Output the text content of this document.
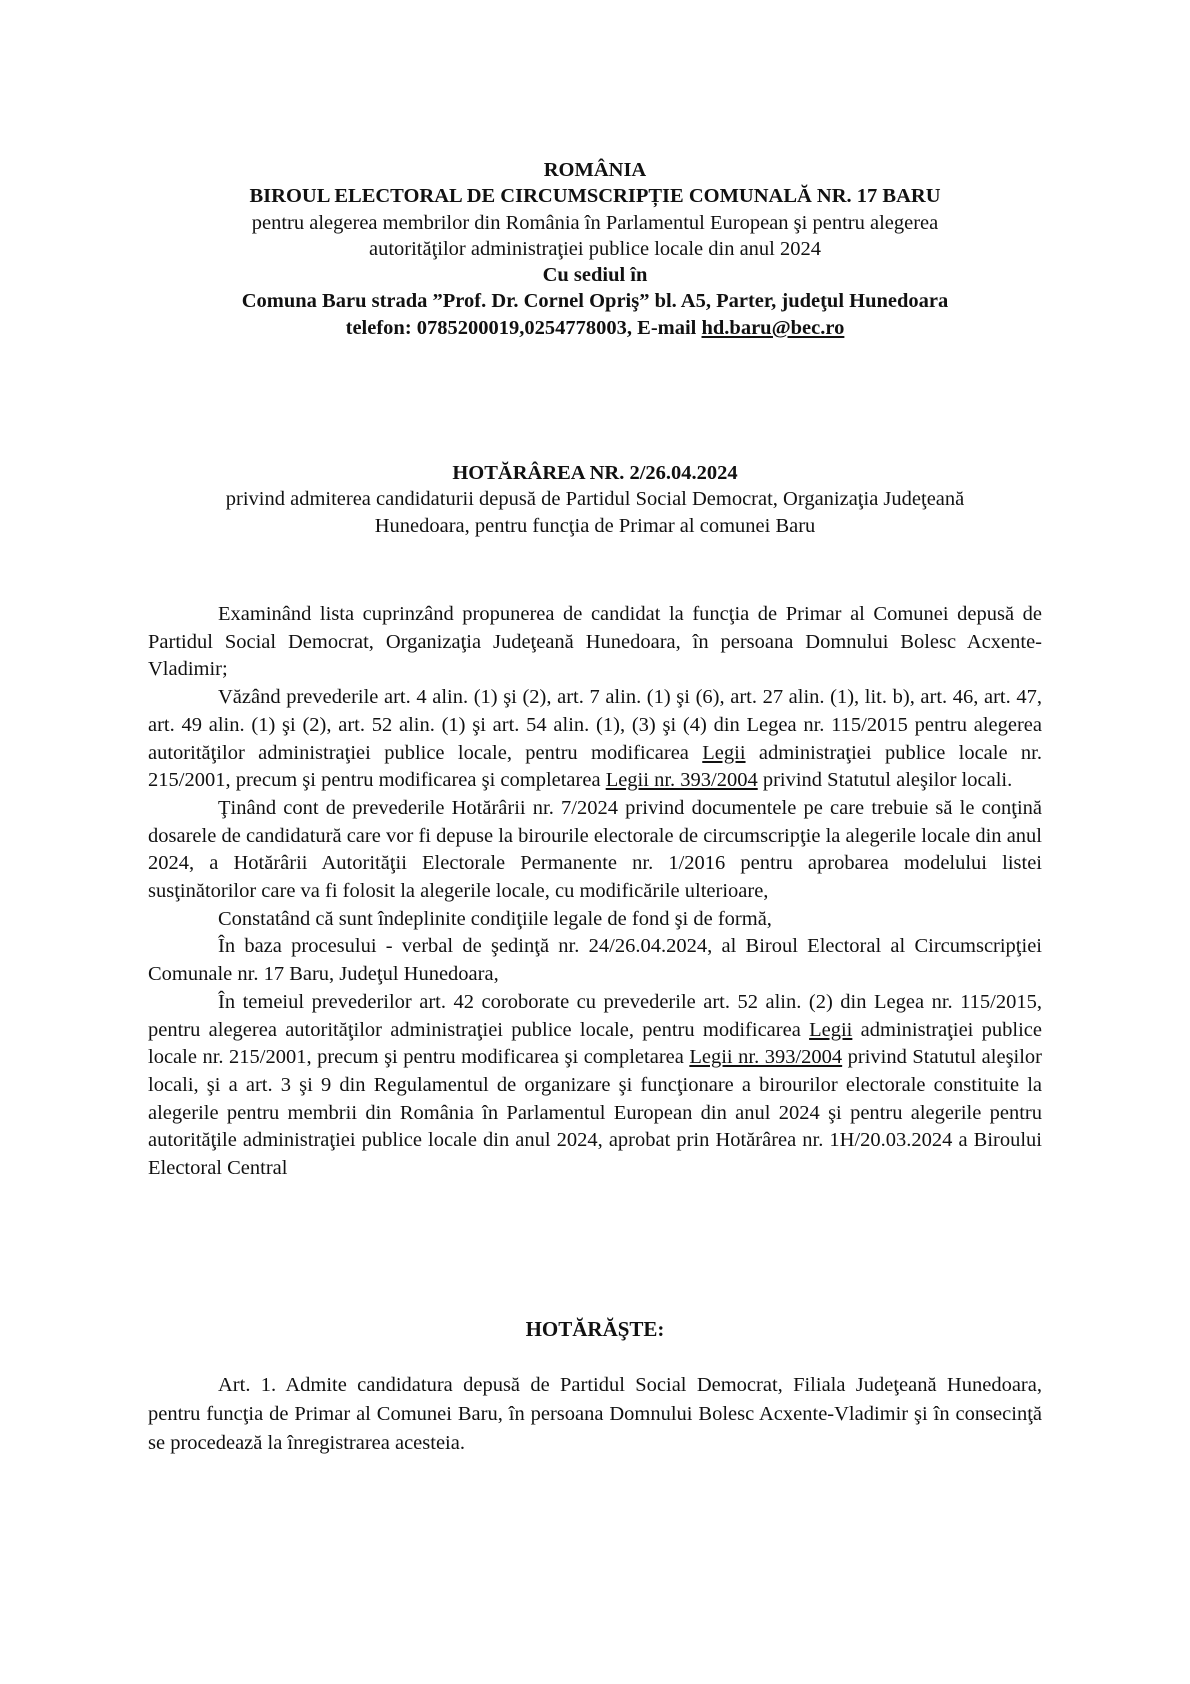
ROMÂNIA
BIROUL ELECTORAL DE CIRCUMSCRIPȚIE COMUNALĂ NR. 17 BARU
pentru alegerea membrilor din România în Parlamentul European şi pentru alegerea
autorităţilor administraţiei publice locale din anul 2024
Cu sediul în
Comuna Baru strada ”Prof. Dr. Cornel Opriş” bl. A5, Parter, judeţul Hunedoara
telefon: 0785200019,0254778003, E-mail hd.baru@bec.ro
HOTĂRÂREA NR. 2/26.04.2024
privind admiterea candidaturii depusă de Partidul Social Democrat, Organizaţia Judeţeană
Hunedoara, pentru funcţia de Primar al comunei Baru

Examinând lista cuprinzând propunerea de candidat la funcţia de Primar al Comunei depusă de Partidul Social Democrat, Organizaţia Judeţeană Hunedoara, în persoana Domnului Bolesc Acxente-Vladimir;

Văzând prevederile art. 4 alin. (1) şi (2), art. 7 alin. (1) şi (6), art. 27 alin. (1), lit. b), art. 46, art. 47, art. 49 alin. (1) şi (2), art. 52 alin. (1) şi art. 54 alin. (1), (3) şi (4) din Legea nr. 115/2015 pentru alegerea autorităţilor administraţiei publice locale, pentru modificarea Legii administraţiei publice locale nr. 215/2001, precum şi pentru modificarea şi completarea Legii nr. 393/2004 privind Statutul aleşilor locali.

Ţinând cont de prevederile Hotărârii nr. 7/2024 privind documentele pe care trebuie să le conţină dosarele de candidatură care vor fi depuse la birourile electorale de circumscripţie la alegerile locale din anul 2024, a Hotărârii Autorităţii Electorale Permanente nr. 1/2016 pentru aprobarea modelului listei susţinătorilor care va fi folosit la alegerile locale, cu modificările ulterioare,

Constatând că sunt îndeplinite condiţiile legale de fond şi de formă,

În baza procesului - verbal de şedinţă nr. 24/26.04.2024, al Biroul Electoral al Circumscripţiei Comunale nr. 17 Baru, Judeţul Hunedoara,

În temeiul prevederilor art. 42 coroborate cu prevederile art. 52 alin. (2) din Legea nr. 115/2015, pentru alegerea autorităţilor administraţiei publice locale, pentru modificarea Legii administraţiei publice locale nr. 215/2001, precum şi pentru modificarea şi completarea Legii nr. 393/2004 privind Statutul aleşilor locali, şi a art. 3 şi 9 din Regulamentul de organizare şi funcţionare a birourilor electorale constituite la alegerile pentru membrii din România în Parlamentul European din anul 2024 şi pentru alegerile pentru autorităţile administraţiei publice locale din anul 2024, aprobat prin Hotărârea nr. 1H/20.03.2024 a Biroului Electoral Central

HOTĂRĂŞTE:

Art. 1. Admite candidatura depusă de Partidul Social Democrat, Filiala Judeţeană Hunedoara, pentru funcţia de Primar al Comunei Baru, în persoana Domnului Bolesc Acxente-Vladimir şi în consecinţă se procedează la înregistrarea acesteia.
